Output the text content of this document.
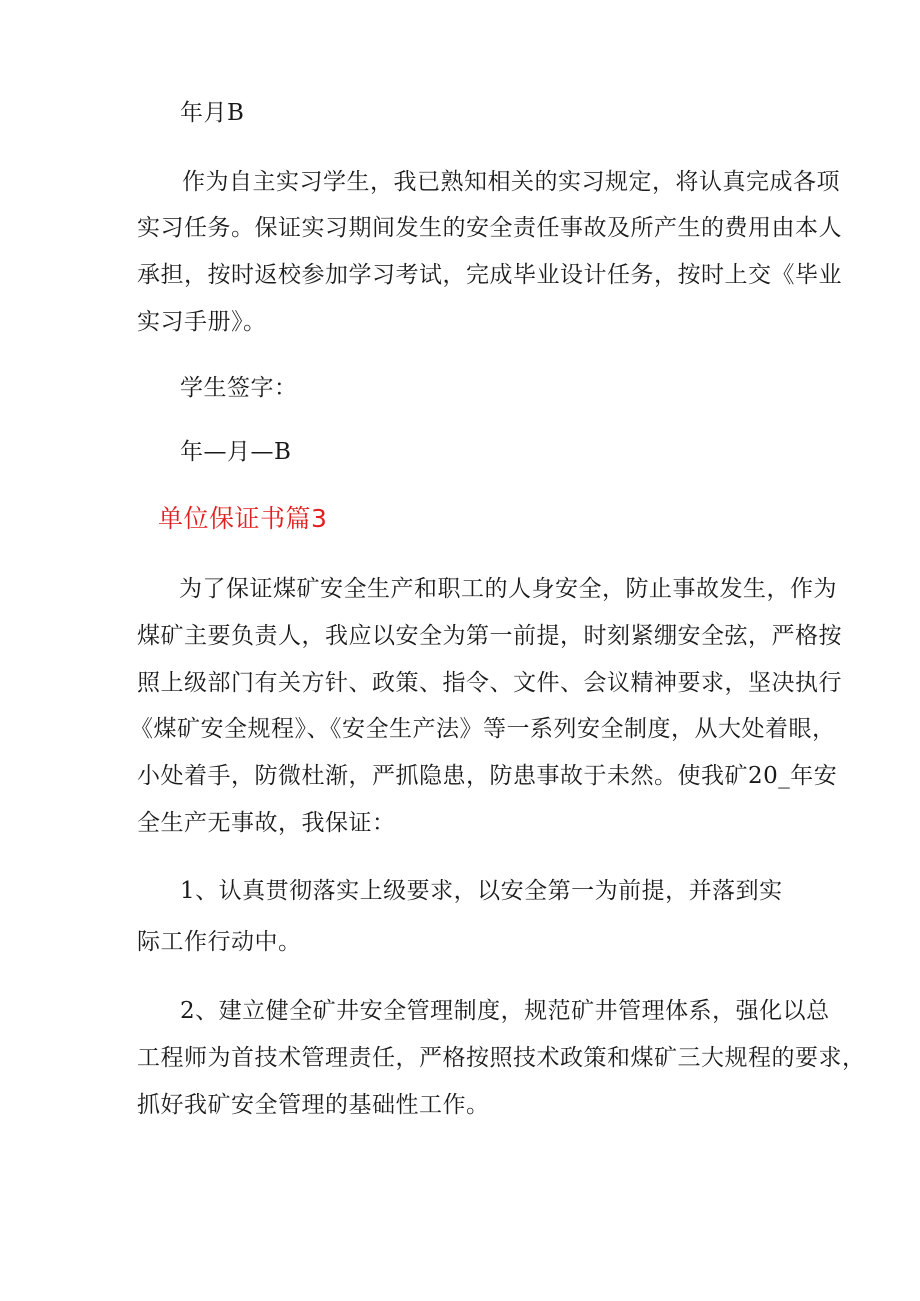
年月B
作为自主实习学生，我已熟知相关的实习规定，将认真完成各项
实习任务。保证实习期间发生的安全责任事故及所产生的费用由本人
承担，按时返校参加学习考试，完成毕业设计任务，按时上交《毕业
实习手册》。
学生签字：
年—月—B
单位保证书篇3
为了保证煤矿安全生产和职工的人身安全，防止事故发生，作为
煤矿主要负责人，我应以安全为第一前提，时刻紧绷安全弦，严格按
照上级部门有关方针、政策、指令、文件、会议精神要求，坚决执行
《煤矿安全规程》、《安全生产法》等一系列安全制度，从大处着眼，
小处着手，防微杜渐，严抓隐患，防患事故于未然。使我矿20_年安
全生产无事故，我保证：
1、认真贯彻落实上级要求，以安全第一为前提，并落到实
际工作行动中。
2、建立健全矿井安全管理制度，规范矿井管理体系，强化以总
工程师为首技术管理责任，严格按照技术政策和煤矿三大规程的要求，
抓好我矿安全管理的基础性工作。
